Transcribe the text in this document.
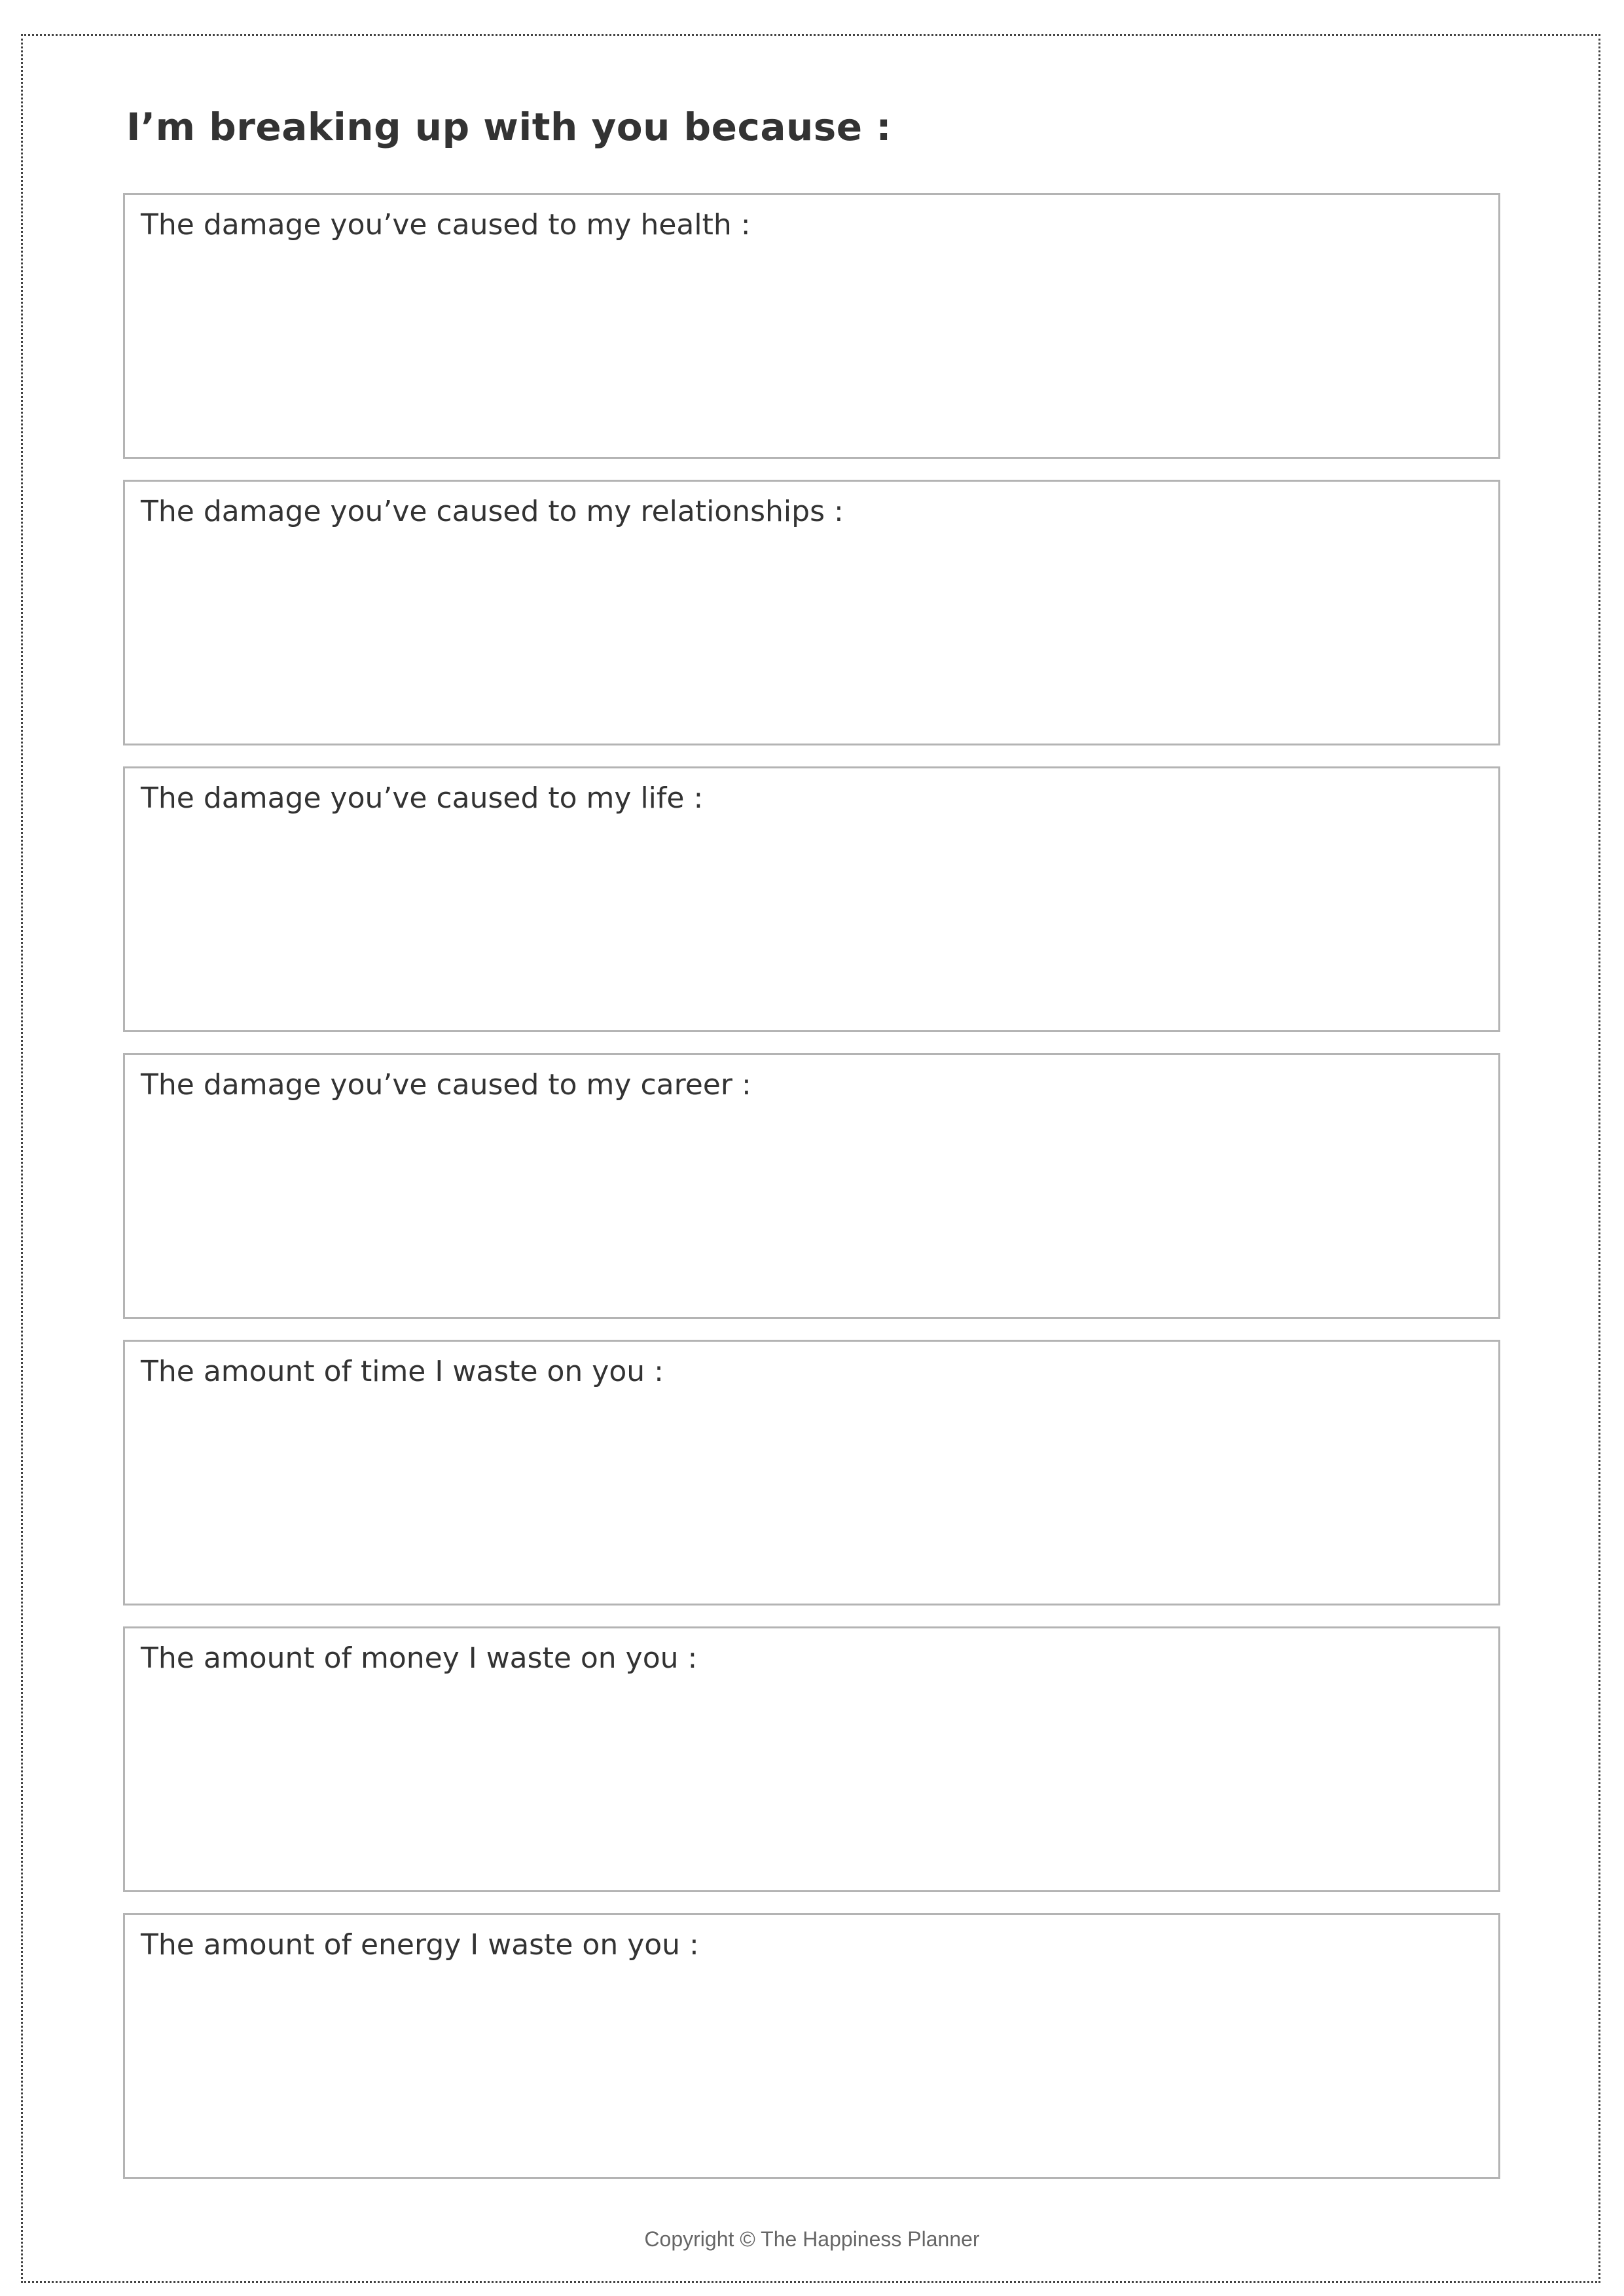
I’m breaking up with you because :
The damage you’ve caused to my health :
The damage you’ve caused to my relationships :
The damage you’ve caused to my life :
The damage you’ve caused to my career :
The amount of time I waste on you :
The amount of money I waste on you :
The amount of energy I waste on you :
Copyright © The Happiness Planner
